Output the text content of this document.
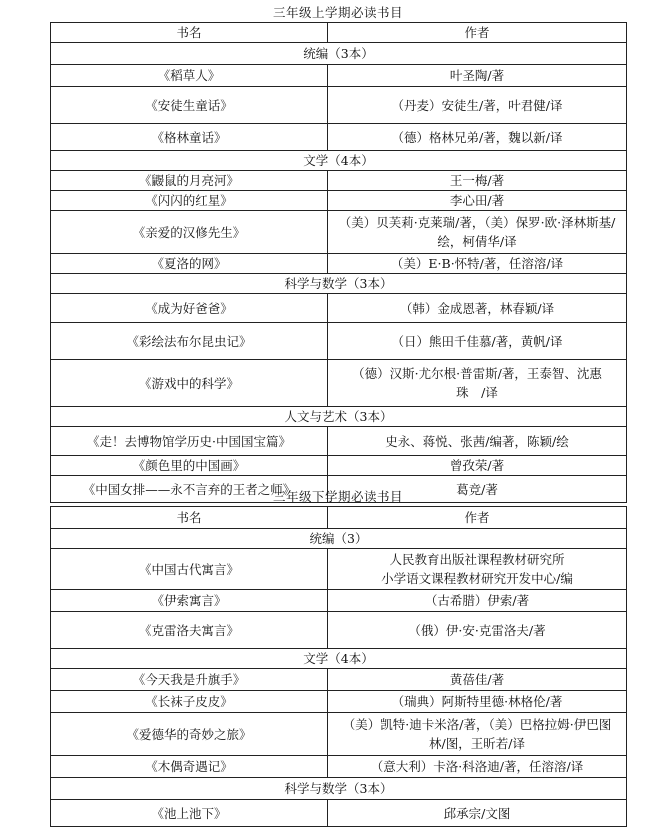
三年级上学期必读书目
书名	作者
统编（3本）	
《稻草人》	叶圣陶/著
《安徒生童话》	（丹麦）安徒生/著，叶君健/译
《格林童话》	（德）格林兄弟/著，魏以新/译
文学（4本）	
《鼹鼠的月亮河》	王一梅/著
《闪闪的红星》	李心田/著
《亲爱的汉修先生》	（美）贝芙莉·克莱瑞/著，（美）保罗·欧·泽林斯基/绘，柯倩华/译
《夏洛的网》	（美）E·B·怀特/著，任溶溶/译
科学与数学（3本）	
《成为好爸爸》	（韩）金成恩著，林春颖/译
《彩绘法布尔昆虫记》	（日）熊田千佳慕/著，黄帆/译
《游戏中的科学》	（德）汉斯·尤尔根·普雷斯/著，王泰智、沈惠珠　/译
人文与艺术（3本）	
《走！去博物馆学历史·中国国宝篇》	史永、蒋悦、张茜/编著，陈颖/绘
《颜色里的中国画》	曾孜荣/著
《中国女排——永不言弃的王者之师》	葛竞/著
三年级下学期必读书目
书名	作者
统编（3）	
《中国古代寓言》	人民教育出版社课程教材研究所
小学语文课程教材研究开发中心/编

《伊索寓言》	（古希腊）伊索/著
《克雷洛夫寓言》	（俄）伊·安·克雷洛夫/著
文学（4本）	
《今天我是升旗手》	黄蓓佳/著
《长袜子皮皮》	（瑞典）阿斯特里德·林格伦/著
《爱德华的奇妙之旅》	（美）凯特·迪卡米洛/著，（美）巴格拉姆·伊巴图林/图，王昕若/译
《木偶奇遇记》	（意大利）卡洛·科洛迪/著，任溶溶/译
科学与数学（3本）	
《池上池下》	邱承宗/文图
